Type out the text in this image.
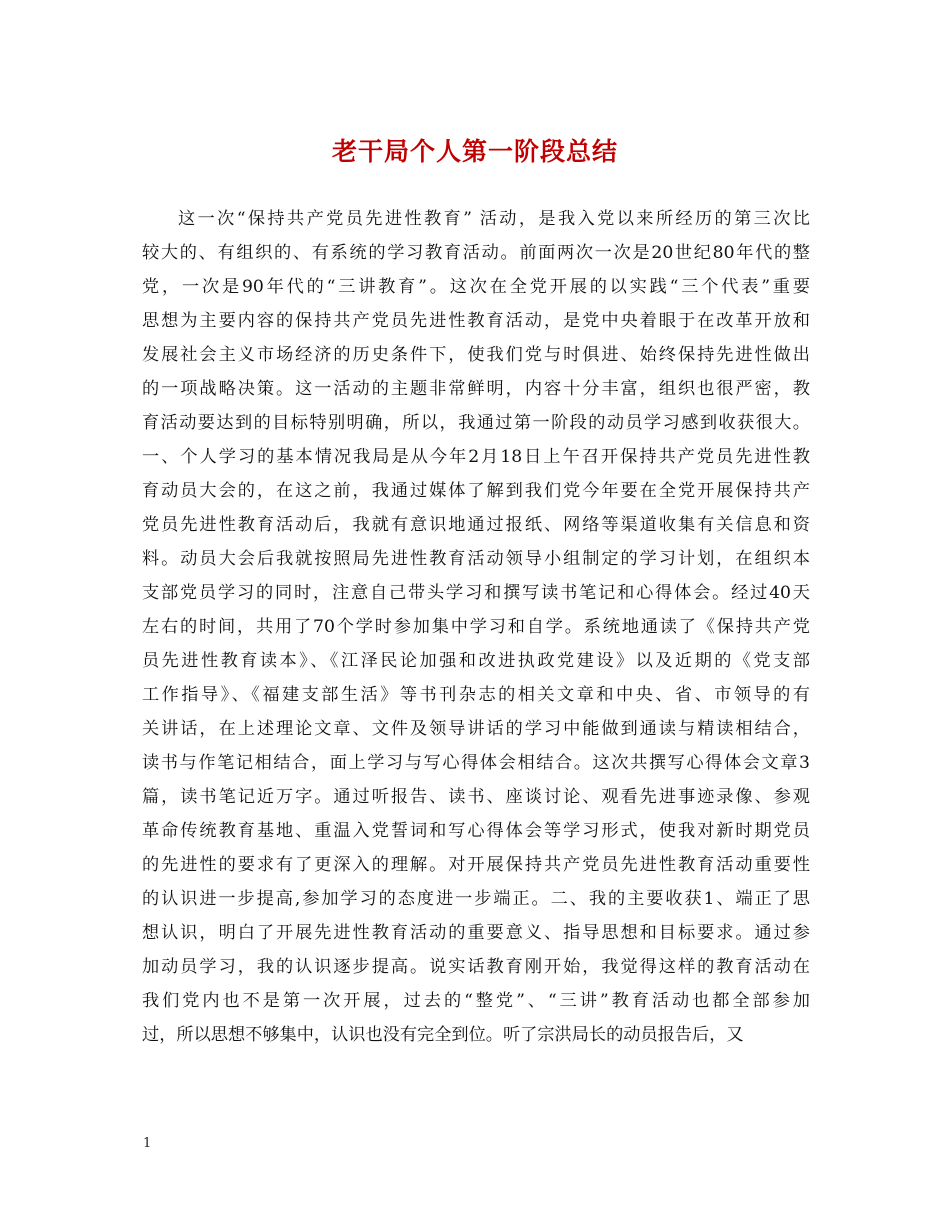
老干局个人第一阶段总结
这一次“保持共产党员先进性教育” 活动，是我入党以来所经历的第三次比
较大的、有组织的、有系统的学习教育活动。前面两次一次是20世纪80年代的整
党，一次是90年代的“三讲教育”。这次在全党开展的以实践“三个代表”重要
思想为主要内容的保持共产党员先进性教育活动，是党中央着眼于在改革开放和
发展社会主义市场经济的历史条件下，使我们党与时俱进、始终保持先进性做出
的一项战略决策。这一活动的主题非常鲜明，内容十分丰富，组织也很严密，教
育活动要达到的目标特别明确，所以，我通过第一阶段的动员学习感到收获很大。
一、个人学习的基本情况我局是从今年2月18日上午召开保持共产党员先进性教
育动员大会的，在这之前，我通过媒体了解到我们党今年要在全党开展保持共产
党员先进性教育活动后，我就有意识地通过报纸、网络等渠道收集有关信息和资
料。动员大会后我就按照局先进性教育活动领导小组制定的学习计划，在组织本
支部党员学习的同时，注意自己带头学习和撰写读书笔记和心得体会。经过40天
左右的时间，共用了70个学时参加集中学习和自学。系统地通读了《保持共产党
员先进性教育读本》、《江泽民论加强和改进执政党建设》以及近期的《党支部
工作指导》、《福建支部生活》等书刊杂志的相关文章和中央、省、市领导的有
关讲话，在上述理论文章、文件及领导讲话的学习中能做到通读与精读相结合，
读书与作笔记相结合，面上学习与写心得体会相结合。这次共撰写心得体会文章3
篇，读书笔记近万字。通过听报告、读书、座谈讨论、观看先进事迹录像、参观
革命传统教育基地、重温入党誓词和写心得体会等学习形式，使我对新时期党员
的先进性的要求有了更深入的理解。对开展保持共产党员先进性教育活动重要性
的认识进一步提高,参加学习的态度进一步端正。二、我的主要收获1、端正了思
想认识，明白了开展先进性教育活动的重要意义、指导思想和目标要求。通过参
加动员学习，我的认识逐步提高。说实话教育刚开始，我觉得这样的教育活动在
我们党内也不是第一次开展，过去的“整党”、“三讲”教育活动也都全部参加
过，所以思想不够集中，认识也没有完全到位。听了宗洪局长的动员报告后，又
1
